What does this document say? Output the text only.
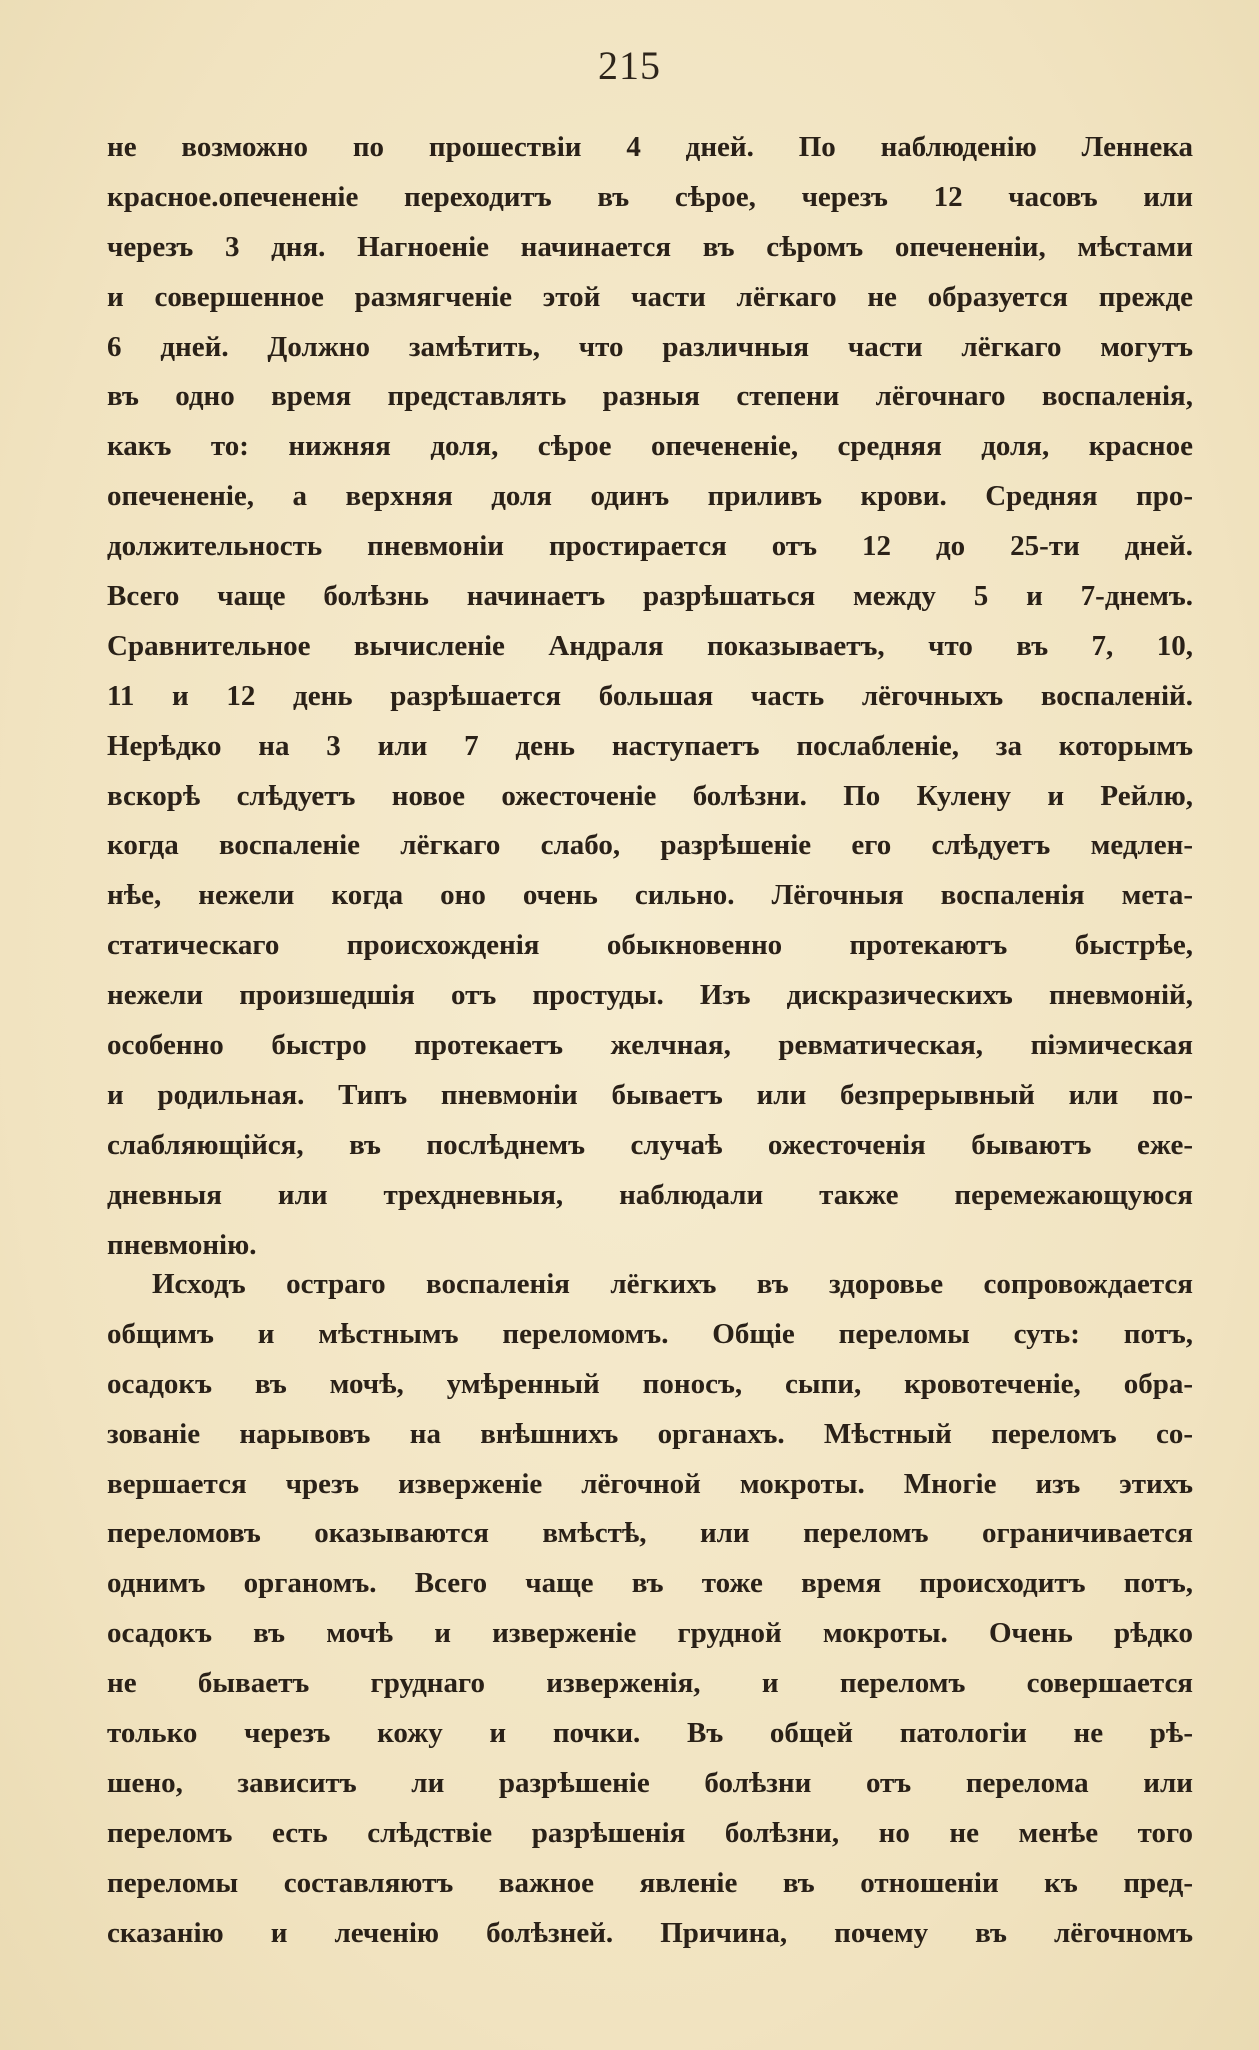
215
не возможно по прошествіи 4 дней. По наблюденію Леннека
красное.опечененіе переходитъ въ сѣрое, черезъ 12 часовъ или
черезъ 3 дня. Нагноеніе начинается въ сѣромъ опечененіи, мѣстами
и совершенное размягченіе этой части лёгкаго не образуется прежде
6 дней. Должно замѣтить, что различныя части лёгкаго могутъ
въ одно время представлять разныя степени лёгочнаго воспаленія,
какъ то: нижняя доля, сѣрое опечененіе, средняя доля, красное
опечененіе, а верхняя доля одинъ приливъ крови. Средняя про-
должительность пневмоніи простирается отъ 12 до 25-ти дней.
Всего чаще болѣзнь начинаетъ разрѣшаться между 5 и 7-днемъ.
Сравнительное вычисленіе Андраля показываетъ, что въ 7, 10,
11 и 12 день разрѣшается большая часть лёгочныхъ воспаленій.
Нерѣдко на 3 или 7 день наступаетъ послабленіе, за которымъ
вскорѣ слѣдуетъ новое ожесточеніе болѣзни. По Кулену и Рейлю,
когда воспаленіе лёгкаго слабо, разрѣшеніе его слѣдуетъ медлен-
нѣе, нежели когда оно очень сильно. Лёгочныя воспаленія мета-
статическаго происхожденія обыкновенно протекаютъ быстрѣе,
нежели произшедшія отъ простуды. Изъ дискразическихъ пневмоній,
особенно быстро протекаетъ желчная, ревматическая, піэмическая
и родильная. Типъ пневмоніи бываетъ или безпрерывный или по-
слабляющійся, въ послѣднемъ случаѣ ожесточенія бываютъ еже-
дневныя или трехдневныя, наблюдали также перемежающуюся
пневмонію.
Исходъ остраго воспаленія лёгкихъ въ здоровье сопровождается
общимъ и мѣстнымъ переломомъ. Общіе переломы суть: потъ,
осадокъ въ мочѣ, умѣренный поносъ, сыпи, кровотеченіе, обра-
зованіе нарывовъ на внѣшнихъ органахъ. Мѣстный переломъ со-
вершается чрезъ изверженіе лёгочной мокроты. Многіе изъ этихъ
переломовъ оказываются вмѣстѣ, или переломъ ограничивается
однимъ органомъ. Всего чаще въ тоже время происходитъ потъ,
осадокъ въ мочѣ и изверженіе грудной мокроты. Очень рѣдко
не бываетъ груднаго изверженія, и переломъ совершается
только черезъ кожу и почки. Въ общей патологіи не рѣ-
шено, зависитъ ли разрѣшеніе болѣзни отъ перелома или
переломъ есть слѣдствіе разрѣшенія болѣзни, но не менѣе того
переломы составляютъ важное явленіе въ отношеніи къ пред-
сказанію и леченію болѣзней. Причина, почему въ лёгочномъ
